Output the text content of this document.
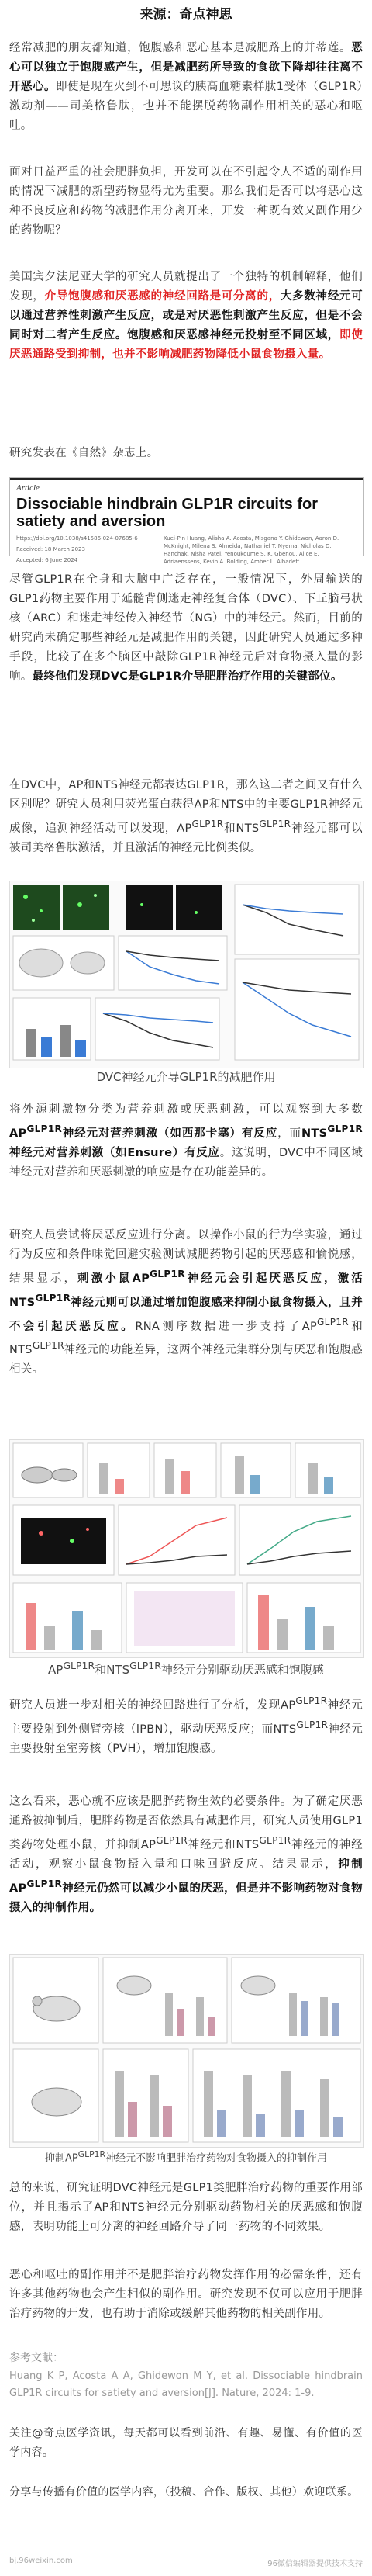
来源：奇点神思

经常减肥的朋友都知道，饱腹感和恶心基本是减肥路上的并蒂莲。恶心可以独立于饱腹感产生，但是减肥药所导致的食欲下降却往往离不开恶心。即使是现在火到不可思议的胰高血糖素样肽1受体（GLP1R）激动剂——司美格鲁肽，也并不能摆脱药物副作用相关的恶心和呕吐。

面对日益严重的社会肥胖负担，开发可以在不引起令人不适的副作用的情况下减肥的新型药物显得尤为重要。那么我们是否可以将恶心这种不良反应和药物的减肥作用分离开来，开发一种既有效又副作用少的药物呢？

美国宾夕法尼亚大学的研究人员就提出了一个独特的机制解释，他们发现，介导饱腹感和厌恶感的神经回路是可分离的，大多数神经元可以通过营养性刺激产生反应，或是对厌恶性刺激产生反应，但是不会同时对二者产生反应。饱腹感和厌恶感神经元投射至不同区域，即使厌恶通路受到抑制，也并不影响减肥药物降低小鼠食物摄入量。

研究发表在《自然》杂志上。

Article

Dissociable hindbrain GLP1R circuits for satiety and aversion

https://doi.org/10.1038/s41586-024-07685-6

Received: 18 March 2023

Accepted: 6 June 2024

Kuei-Pin Huang, Alisha A. Acosta, Misgana Y. Ghidewon, Aaron D. McKnight, Milena S. Almeida, Nathaniel T. Nyema, Nicholas D. Hanchak, Nisha Patel, Yenoukoume S. K. Gbenou, Alice E. Adriaenssens, Kevin A. Bolding, Amber L. Alhadeff

尽管GLP1R在全身和大脑中广泛存在，一般情况下，外周输送的GLP1药物主要作用于延髓背侧迷走神经复合体（DVC）、下丘脑弓状核（ARC）和迷走神经传入神经节（NG）中的神经元。然而，目前的研究尚未确定哪些神经元是减肥作用的关键，因此研究人员通过多种手段，比较了在多个脑区中敲除GLP1R神经元后对食物摄入量的影响。最终他们发现DVC是GLP1R介导肥胖治疗作用的关键部位。

在DVC中，AP和NTS神经元都表达GLP1R，那么这二者之间又有什么区别呢？研究人员利用荧光蛋白获得AP和NTS中的主要GLP1R神经元成像，追测神经活动可以发现，$AP^{GLP1R}$和$NTS^{GLP1R}$神经元都可以被司美格鲁肽激活，并且激活的神经元比例类似。

DVC神经元介导GLP1R的减肥作用

将外源刺激物分类为营养刺激或厌恶刺激，可以观察到大多数$AP^{GLP1R}$神经元对营养刺激（如西那卡塞）有反应，而$NTS^{GLP1R}$神经元对营养刺激（如Ensure）有反应。这说明，DVC中不同区域神经元对营养和厌恶刺激的响应是存在功能差异的。

研究人员尝试将厌恶反应进行分离。以操作小鼠的行为学实验，通过行为反应和条件味觉回避实验测试减肥药物引起的厌恶感和愉悦感，结果显示，刺激小鼠$AP^{GLP1R}$神经元会引起厌恶反应，激活$NTS^{GLP1R}$神经元则可以通过增加饱腹感来抑制小鼠食物摄入，且并不会引起厌恶反应。RNA测序数据进一步支持了$AP^{GLP1R}$和$NTS^{GLP1R}$神经元的功能差异，这两个神经元集群分别与厌恶和饱腹感相关。

$AP^{GLP1R}$和$NTS^{GLP1R}$神经元分别驱动厌恶感和饱腹感

研究人员进一步对相关的神经回路进行了分析，发现$AP^{GLP1R}$神经元主要投射到外侧臂旁核（lPBN），驱动厌恶反应；而$NTS^{GLP1R}$神经元主要投射至室旁核（PVH），增加饱腹感。

这么看来，恶心就不应该是肥胖药物生效的必要条件。为了确定厌恶通路被抑制后，肥胖药物是否依然具有减肥作用，研究人员使用GLP1类药物处理小鼠，并抑制$AP^{GLP1R}$神经元和$NTS^{GLP1R}$神经元的神经活动，观察小鼠食物摄入量和口味回避反应。结果显示，抑制$AP^{GLP1R}$神经元仍然可以减少小鼠的厌恶，但是并不影响药物对食物摄入的抑制作用。

抑制$AP^{GLP1R}$神经元不影响肥胖治疗药物对食物摄入的抑制作用

总的来说，研究证明DVC神经元是GLP1类肥胖治疗药物的重要作用部位，并且揭示了AP和NTS神经元分别驱动药物相关的厌恶感和饱腹感，表明功能上可分离的神经回路介导了同一药物的不同效果。

恶心和呕吐的副作用并不是肥胖治疗药物发挥作用的必需条件，还有许多其他药物也会产生相似的副作用。研究发现不仅可以应用于肥胖治疗药物的开发，也有助于消除或缓解其他药物的相关副作用。

参考文献：

Huang K P, Acosta A A, Ghidewon M Y, et al. Dissociable hindbrain GLP1R circuits for satiety and aversion[J]. Nature, 2024: 1-9.

关注@奇点医学资讯，每天都可以看到前沿、有趣、易懂、有价值的医学内容。

分享与传播有价值的医学内容，（投稿、合作、版权、其他）欢迎联系。

bj.96weixin.com	96微信编辑器提供技术支持
